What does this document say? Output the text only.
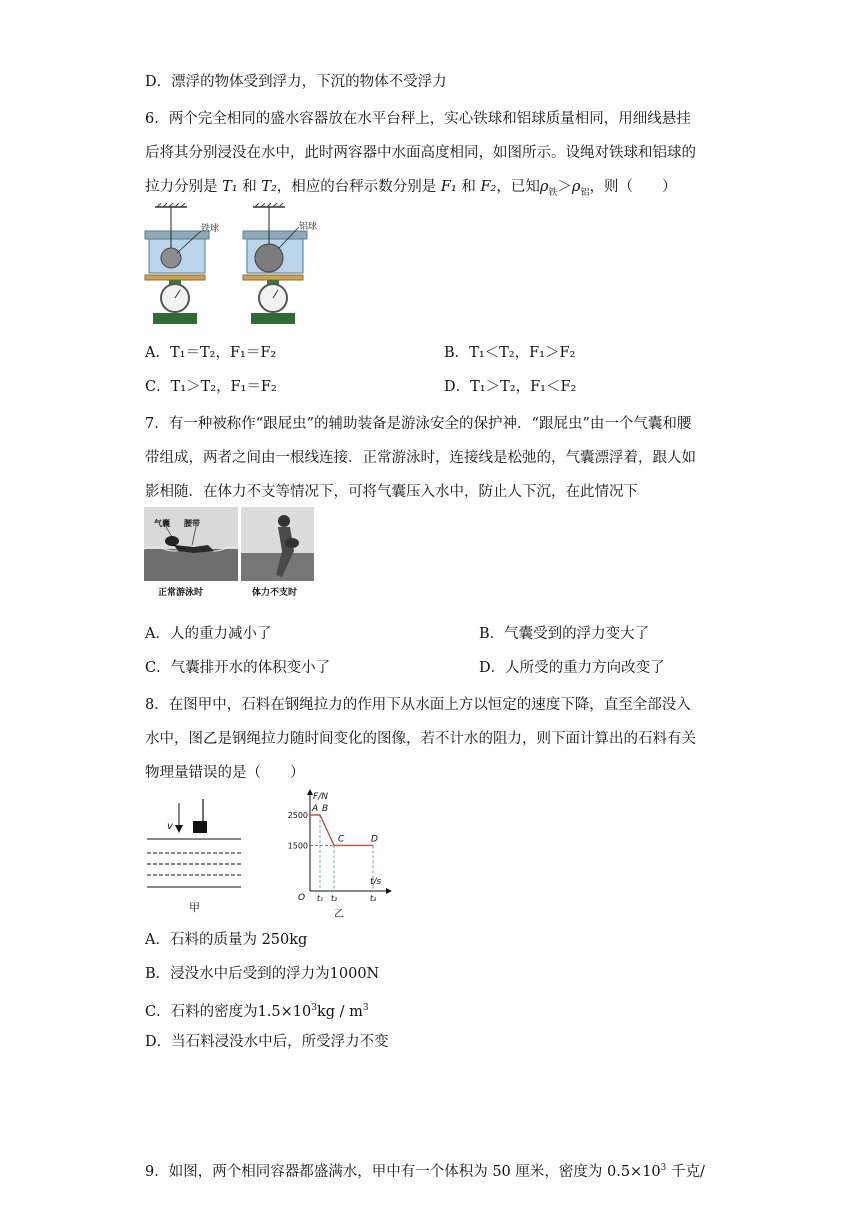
D．漂浮的物体受到浮力，下沉的物体不受浮力
6．两个完全相同的盛水容器放在水平台秤上，实心铁球和铝球质量相同，用细线悬挂
后将其分别浸没在水中，此时两容器中水面高度相同，如图所示。设绳对铁球和铝球的
拉力分别是 T₁ 和 T₂，相应的台秤示数分别是 F₁ 和 F₂，已知$\rho_铁>\rho_铝$，则（　　）
铁球	铝球
A．T₁＝T₂，F₁＝F₂	B．T₁＜T₂，F₁＞F₂
C．T₁＞T₂，F₁＝F₂	D．T₁＞T₂，F₁＜F₂
7．有一种被称作“跟屁虫”的辅助装备是游泳安全的保护神．“跟屁虫”由一个气囊和腰
带组成，两者之间由一根线连接．正常游泳时，连接线是松弛的，气囊漂浮着，跟人如
影相随．在体力不支等情况下，可将气囊压入水中，防止人下沉，在此情况下
气囊 腰带
正常游泳时	体力不支时
A．人的重力减小了	B．气囊受到的浮力变大了
C．气囊排开水的体积变小了	D．人所受的重力方向改变了
8．在图甲中，石料在钢绳拉力的作用下从水面上方以恒定的速度下降，直至全部没入
水中，图乙是钢绳拉力随时间变化的图像，若不计水的阻力，则下面计算出的石料有关
物理量错误的是（　　）
v
甲
F/N
t/s
O
1500
2500
t₁ t₂	t₃
A B
C	D
乙
A．石料的质量为 250kg
B．浸没水中后受到的浮力为1000N
C．石料的密度为$1.5\times 10^3kg / m^3$
D．当石料浸没水中后，所受浮力不变
9．如图，两个相同容器都盛满水，甲中有一个体积为 50 厘米，密度为 $0.5\times 10^3$ 千克/
